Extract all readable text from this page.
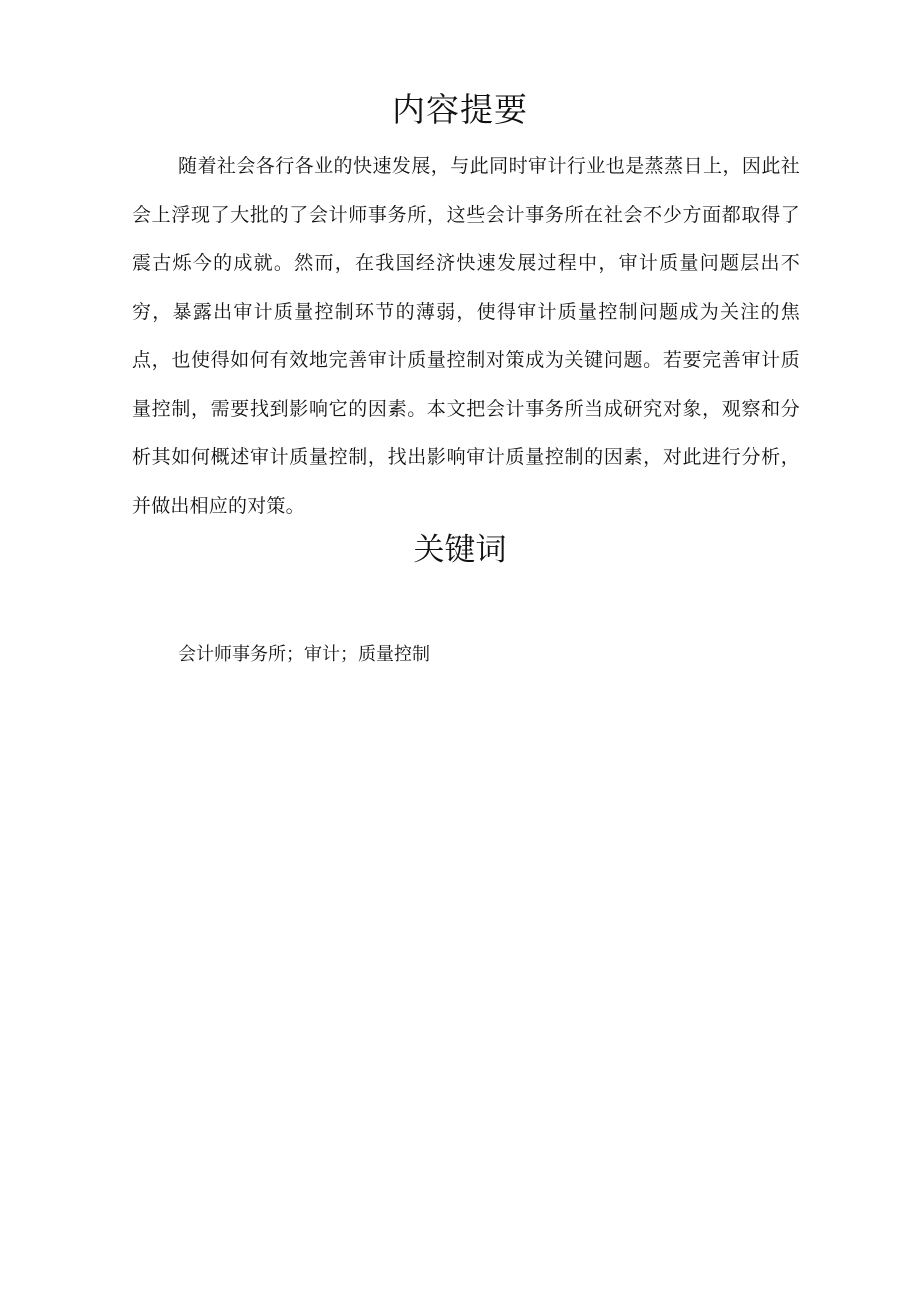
内容提要

随着社会各行各业的快速发展，与此同时审计行业也是蒸蒸日上，因此社会上浮现了大批的了会计师事务所，这些会计事务所在社会不少方面都取得了震古烁今的成就。然而，在我国经济快速发展过程中，审计质量问题层出不穷，暴露出审计质量控制环节的薄弱，使得审计质量控制问题成为关注的焦点，也使得如何有效地完善审计质量控制对策成为关键问题。若要完善审计质量控制，需要找到影响它的因素。本文把会计事务所当成研究对象，观察和分析其如何概述审计质量控制，找出影响审计质量控制的因素，对此进行分析，并做出相应的对策。

关键词

会计师事务所；审计；质量控制
